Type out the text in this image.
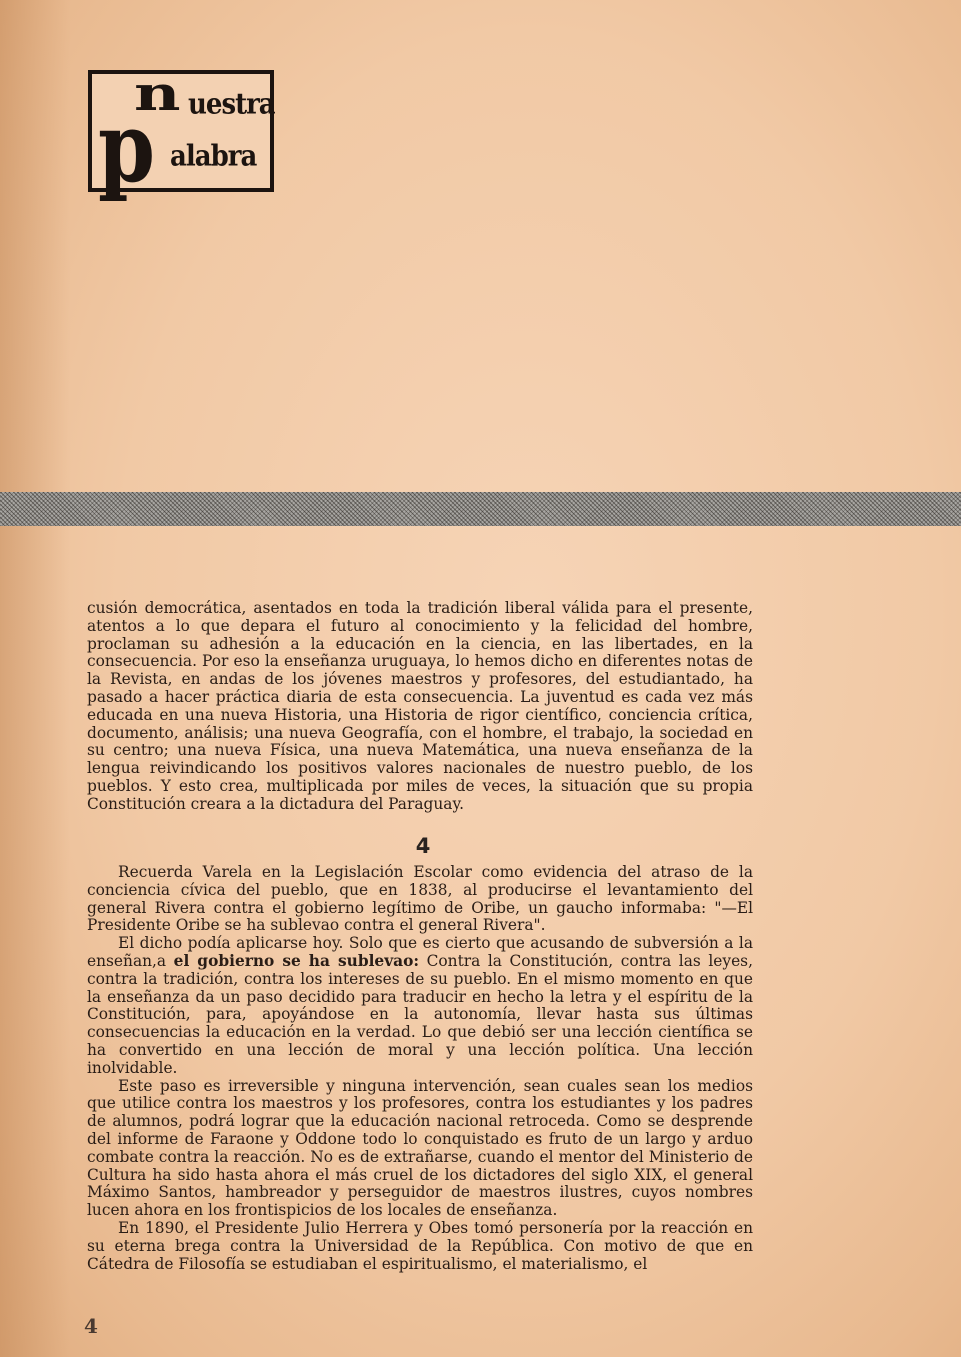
n uestra
p alabra

cusión democrática, asentados en toda la tradición liberal válida para el presente, atentos a lo que depara el futuro al conocimiento y la felicidad del hombre, proclaman su adhesión a la educación en la ciencia, en las libertades, en la consecuencia. Por eso la enseñanza uruguaya, lo hemos dicho en diferentes notas de la Revista, en andas de los jóvenes maestros y profesores, del estudiantado, ha pasado a hacer práctica diaria de esta consecuencia. La juventud es cada vez más educada en una nueva Historia, una Historia de rigor científico, conciencia crítica, documento, análisis; una nueva Geografía, con el hombre, el trabajo, la sociedad en su centro; una nueva Física, una nueva Matemática, una nueva enseñanza de la lengua reivindicando los positivos valores nacionales de nuestro pueblo, de los pueblos. Y esto crea, multiplicada por miles de veces, la situación que su propia Constitución creara a la dictadura del Paraguay.

4

Recuerda Varela en la Legislación Escolar como evidencia del atraso de la conciencia cívica del pueblo, que en 1838, al producirse el levantamiento del general Rivera contra el gobierno legítimo de Oribe, un gaucho informaba: "—El Presidente Oribe se ha sublevao contra el general Rivera".

El dicho podía aplicarse hoy. Solo que es cierto que acusando de subversión a la enseñan,a el gobierno se ha sublevao: Contra la Constitución, contra las leyes, contra la tradición, contra los intereses de su pueblo. En el mismo momento en que la enseñanza da un paso decidido para traducir en hecho la letra y el espíritu de la Constitución, para, apoyándose en la autonomía, llevar hasta sus últimas consecuencias la educación en la verdad. Lo que debió ser una lección científica se ha convertido en una lección de moral y una lección política. Una lección inolvidable.

Este paso es irreversible y ninguna intervención, sean cuales sean los medios que utilice contra los maestros y los profesores, contra los estudiantes y los padres de alumnos, podrá lograr que la educación nacional retroceda. Como se desprende del informe de Faraone y Oddone todo lo conquistado es fruto de un largo y arduo combate contra la reacción. No es de extrañarse, cuando el mentor del Ministerio de Cultura ha sido hasta ahora el más cruel de los dictadores del siglo XIX, el general Máximo Santos, hambreador y perseguidor de maestros ilustres, cuyos nombres lucen ahora en los frontispicios de los locales de enseñanza.

En 1890, el Presidente Julio Herrera y Obes tomó personería por la reacción en su eterna brega contra la Universidad de la República. Con motivo de que en Cátedra de Filosofía se estudiaban el espiritualismo, el materialismo, el

4
